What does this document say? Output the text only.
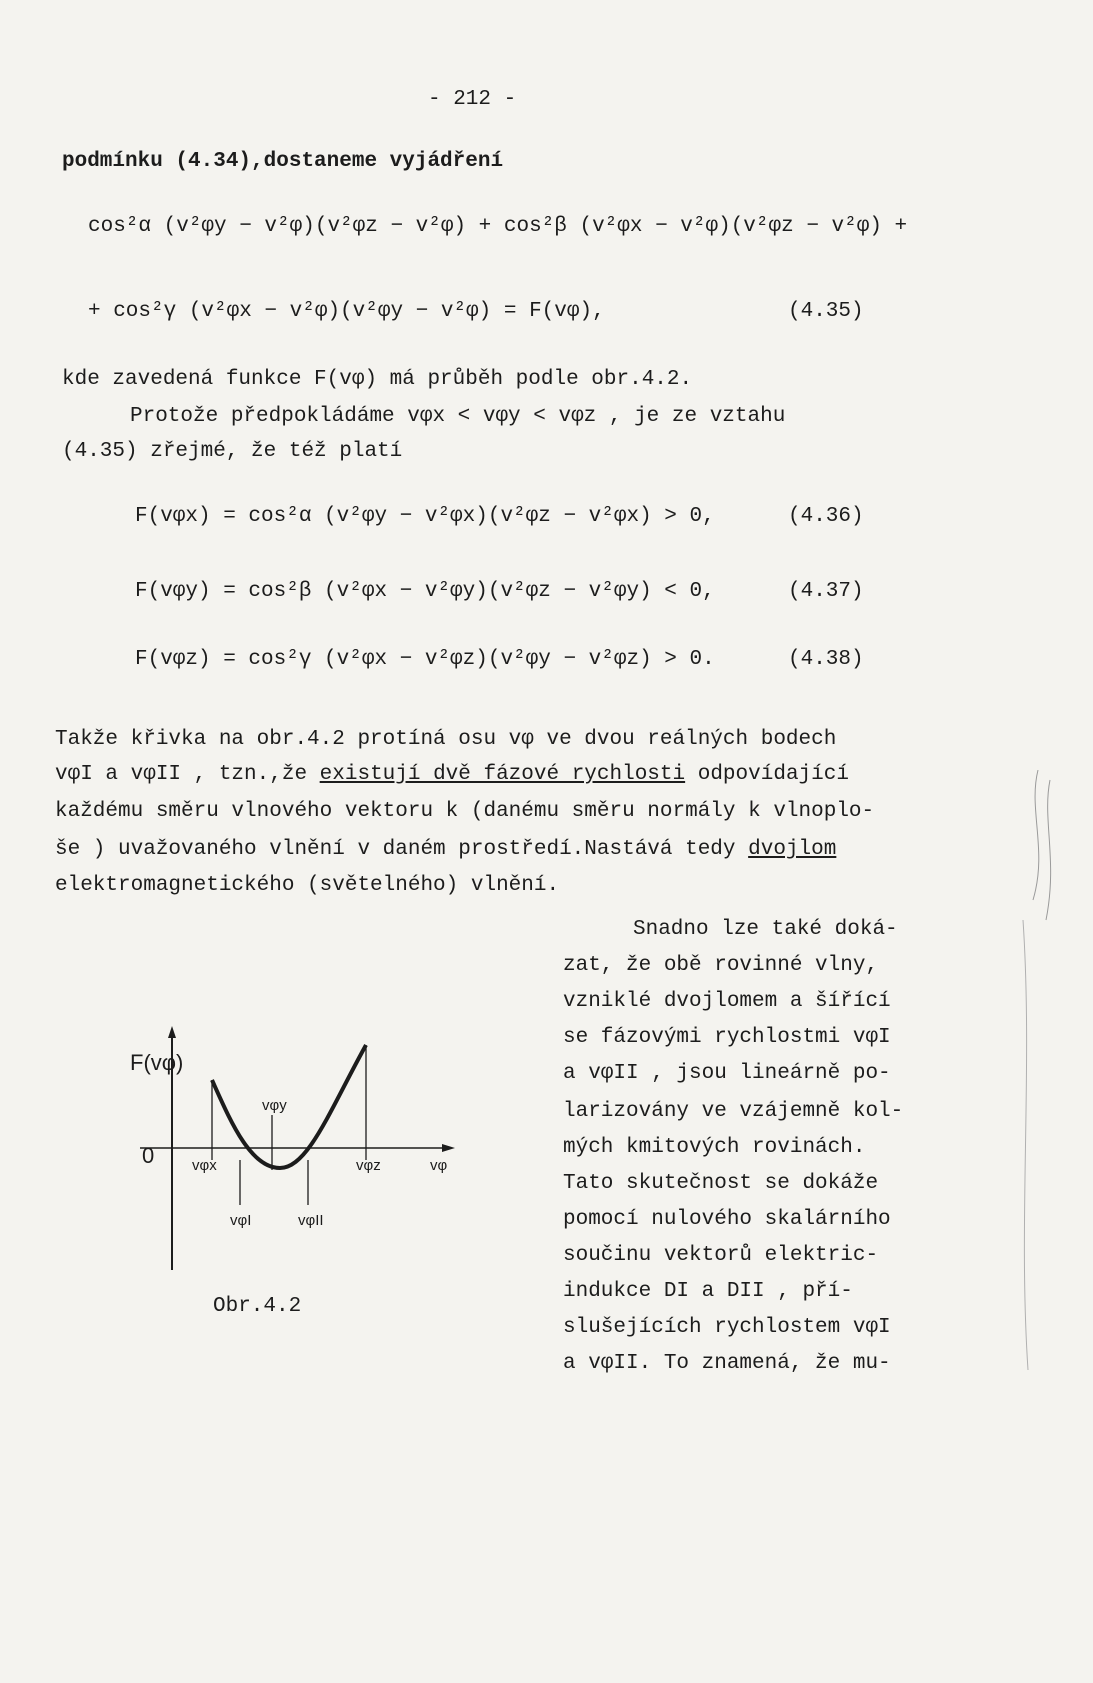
- 212 -
podmínku (4.34),dostaneme vyjádření
cos²α (v²φy − v²φ)(v²φz − v²φ) + cos²β (v²φx − v²φ)(v²φz − v²φ) +
+ cos²γ (v²φx − v²φ)(v²φy − v²φ) = F(vφ),	(4.35)
kde zavedená funkce F(vφ) má průběh podle obr.4.2.
Protože předpokládáme vφx < vφy < vφz , je ze vztahu
(4.35) zřejmé, že též platí
F(vφx) = cos²α (v²φy − v²φx)(v²φz − v²φx) > 0,	(4.36)
F(vφy) = cos²β (v²φx − v²φy)(v²φz − v²φy) < 0,	(4.37)
F(vφz) = cos²γ (v²φx − v²φz)(v²φy − v²φz) > 0.	(4.38)
Takže křivka na obr.4.2 protíná osu vφ ve dvou reálných bodech
vφI a vφII , tzn.,že existují dvě fázové rychlosti odpovídající
každému směru vlnového vektoru k (danému směru normály k vlnoplo-
še ) uvažovaného vlnění v daném prostředí.Nastává tedy dvojlom
elektromagnetického (světelného) vlnění.
Snadno lze také doká-
zat, že obě rovinné vlny,
vzniklé dvojlomem a šířící
se fázovými rychlostmi vφI
a vφII , jsou lineárně po-
larizovány ve vzájemně kol-
mých kmitových rovinách.
Tato skutečnost se dokáže
pomocí nulového skalárního
součinu vektorů elektric-
indukce DI a DII , pří-
slušejících rychlostem vφI
a vφII. To znamená, že mu-
F(vφ)
0	vφx
vφy
vφz	vφ
vφI	vφII
Obr.4.2
